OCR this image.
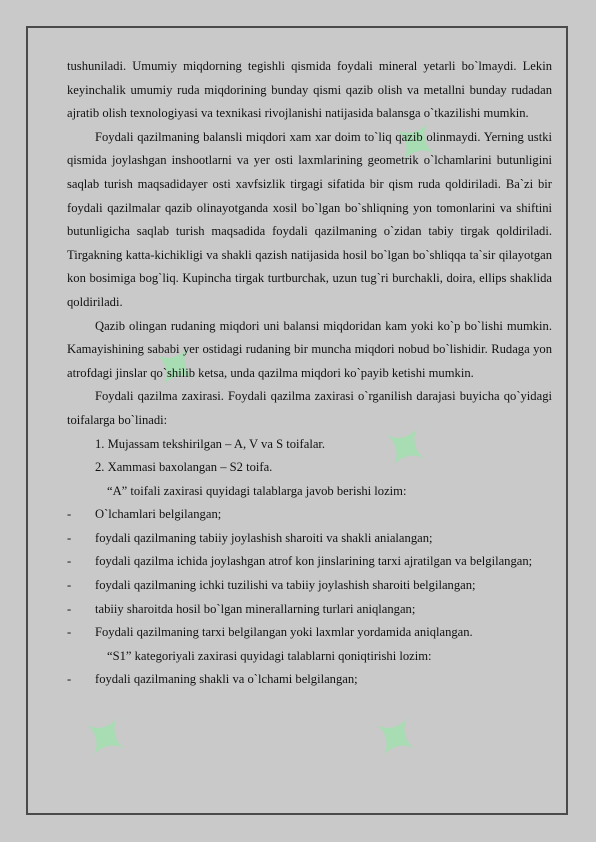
✦
✦
✦
✦	✦

tushuniladi. Umumiy miqdorning tegishli qismida foydali mineral yetarli bo`lmaydi. Lekin keyinchalik umumiy ruda miqdorining bunday qismi qazib olish va metallni bunday rudadan ajratib olish texnologiyasi va texnikasi rivojlanishi natijasida balansga o`tkazilishi mumkin.

Foydali qazilmaning balansli miqdori xam xar doim to`liq qazib olinmaydi. Yerning ustki qismida joylashgan inshootlarni va yer osti laxmlarining geometrik o`lchamlarini butunligini saqlab turish maqsadidayer osti xavfsizlik tirgagi sifatida bir qism ruda qoldiriladi. Ba`zi bir foydali qazilmalar qazib olinayotganda xosil bo`lgan bo`shliqning yon tomonlarini va shiftini butunligicha saqlab turish maqsadida foydali qazilmaning o`zidan tabiy tirgak qoldiriladi. Tirgakning katta-kichikligi va shakli qazish natijasida hosil bo`lgan bo`shliqqa ta`sir qilayotgan kon bosimiga bog`liq. Kupincha tirgak turtburchak, uzun tug`ri burchakli, doira, ellips shaklida qoldiriladi.

Qazib olingan rudaning miqdori uni balansi miqdoridan kam yoki ko`p bo`lishi mumkin. Kamayishining sababi yer ostidagi rudaning bir muncha miqdori nobud bo`lishidir. Rudaga yon atrofdagi jinslar qo`shilib ketsa, unda qazilma miqdori ko`payib ketishi mumkin.

Foydali qazilma zaxirasi. Foydali qazilma zaxirasi o`rganilish darajasi buyicha qo`yidagi toifalarga bo`linadi:

1. Mujassam tekshirilgan – A, V va S toifalar.

2. Xammasi baxolangan – S2 toifa.

“A” toifali zaxirasi quyidagi talablarga javob berishi lozim:

-	O`lchamlari belgilangan;
-	foydali qazilmaning tabiiy joylashish sharoiti va shakli anialangan;
- foydali qazilma ichida joylashgan atrof kon jinslarining tarxi ajratilgan va belgilangan;
-	foydali qazilmaning ichki tuzilishi va tabiiy joylashish sharoiti belgilangan;
-	tabiiy sharoitda hosil bo`lgan minerallarning turlari aniqlangan;
-	Foydali qazilmaning tarxi belgilangan yoki laxmlar yordamida aniqlangan.

“S1” kategoriyali zaxirasi quyidagi talablarni qoniqtirishi lozim:

-	foydali qazilmaning shakli va o`lchami belgilangan;
